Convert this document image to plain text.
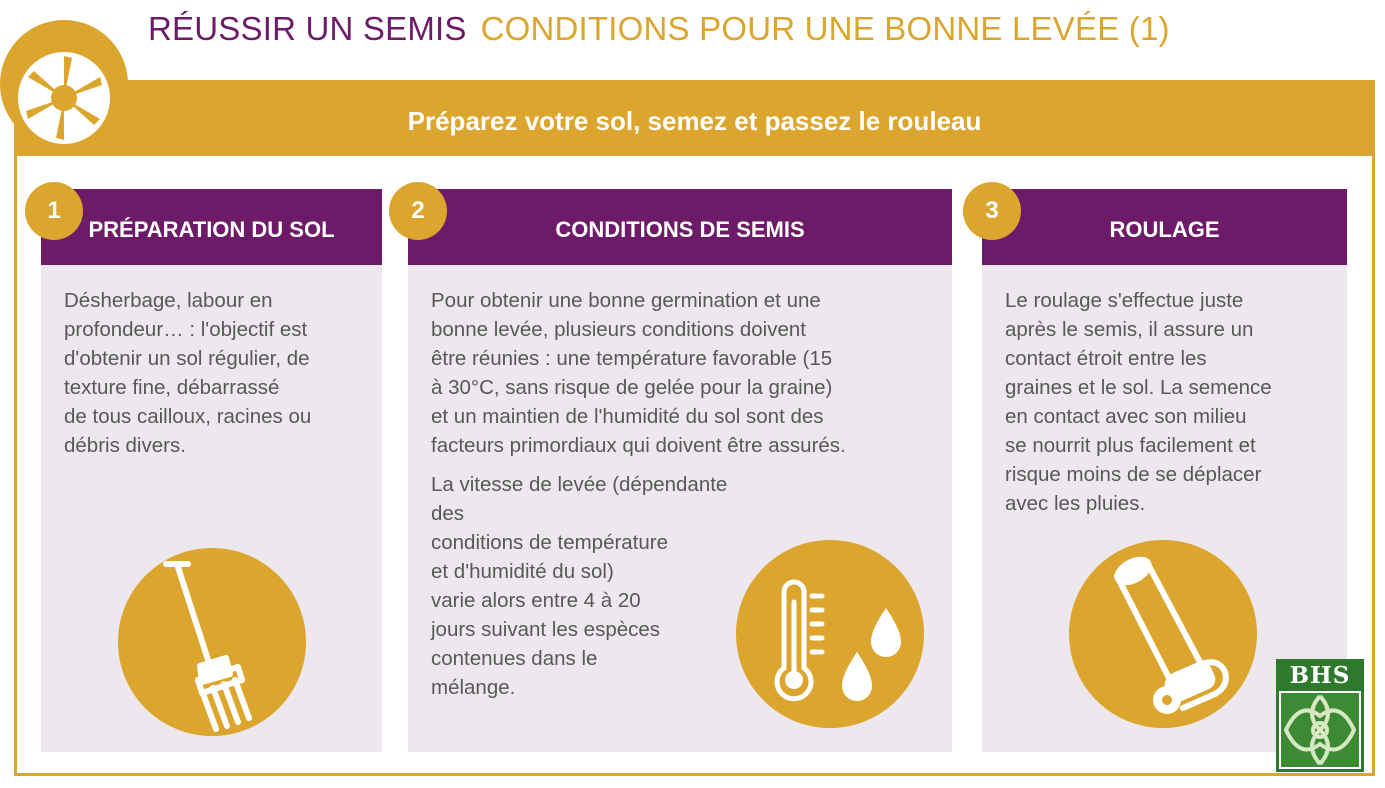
RÉUSSIR UN SEMIS CONDITIONS POUR UNE BONNE LEVÉE (1)
Préparez votre sol, semez et passez le rouleau
PRÉPARATION DU SOL

Désherbage, labour en

profondeur… : l'objectif est

d'obtenir un sol régulier, de

texture fine, débarrassé

de tous cailloux, racines ou

débris divers.

1
CONDITIONS DE SEMIS

Pour obtenir une bonne germination et une

bonne levée, plusieurs conditions doivent

être réunies : une température favorable (15

à 30°C, sans risque de gelée pour la graine)

et un maintien de l'humidité du sol sont des

facteurs primordiaux qui doivent être assurés.

La vitesse de levée (dépendante des

conditions de température

et d'humidité du sol)

varie alors entre 4 à 20

jours suivant les espèces

contenues dans le

mélange.

2
ROULAGE

Le roulage s'effectue juste

après le semis, il assure un

contact étroit entre les

graines et le sol. La semence

en contact avec son milieu

se nourrit plus facilement et

risque moins de se déplacer

avec les pluies.

3
BHS
